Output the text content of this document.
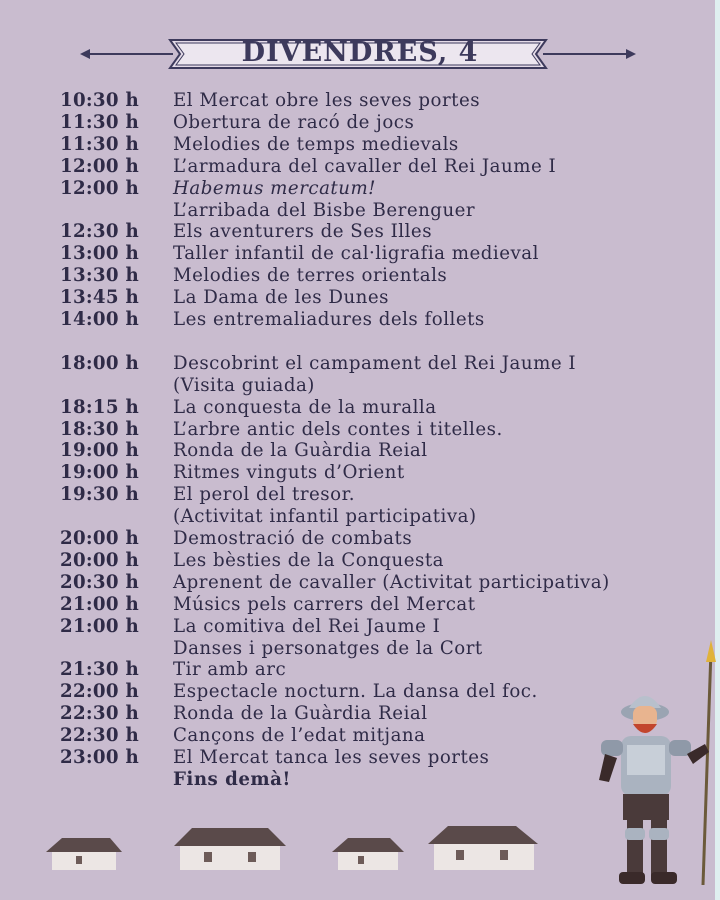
DIVENDRES, 4
10:30 h El Mercat obre les seves portes
11:30 h Obertura de racó de jocs
11:30 h Melodies de temps medievals
12:00 h L’armadura del cavaller del Rei Jaume I
12:00 h Habemus mercatum!
L’arribada del Bisbe Berenguer
12:30 h Els aventurers de Ses Illes
13:00 h Taller infantil de cal·ligrafia medieval
13:30 h Melodies de terres orientals
13:45 h La Dama de les Dunes
14:00 h Les entremaliadures dels follets
18:00 h Descobrint el campament del Rei Jaume I
(Visita guiada)
18:15 h La conquesta de la muralla
18:30 h L’arbre antic dels contes i titelles.
19:00 h Ronda de la Guàrdia Reial
19:00 h Ritmes vinguts d’Orient
19:30 h El perol del tresor.
(Activitat infantil participativa)
20:00 h Demostració de combats
20:00 h Les bèsties de la Conquesta
20:30 h Aprenent de cavaller (Activitat participativa)
21:00 h Músics pels carrers del Mercat
21:00 h La comitiva del Rei Jaume I
Danses i personatges de la Cort
21:30 h Tir amb arc
22:00 h Espectacle nocturn. La dansa del foc.
22:30 h Ronda de la Guàrdia Reial
22:30 h Cançons de l’edat mitjana
23:00 h El Mercat tanca les seves portes
Fins demà!
